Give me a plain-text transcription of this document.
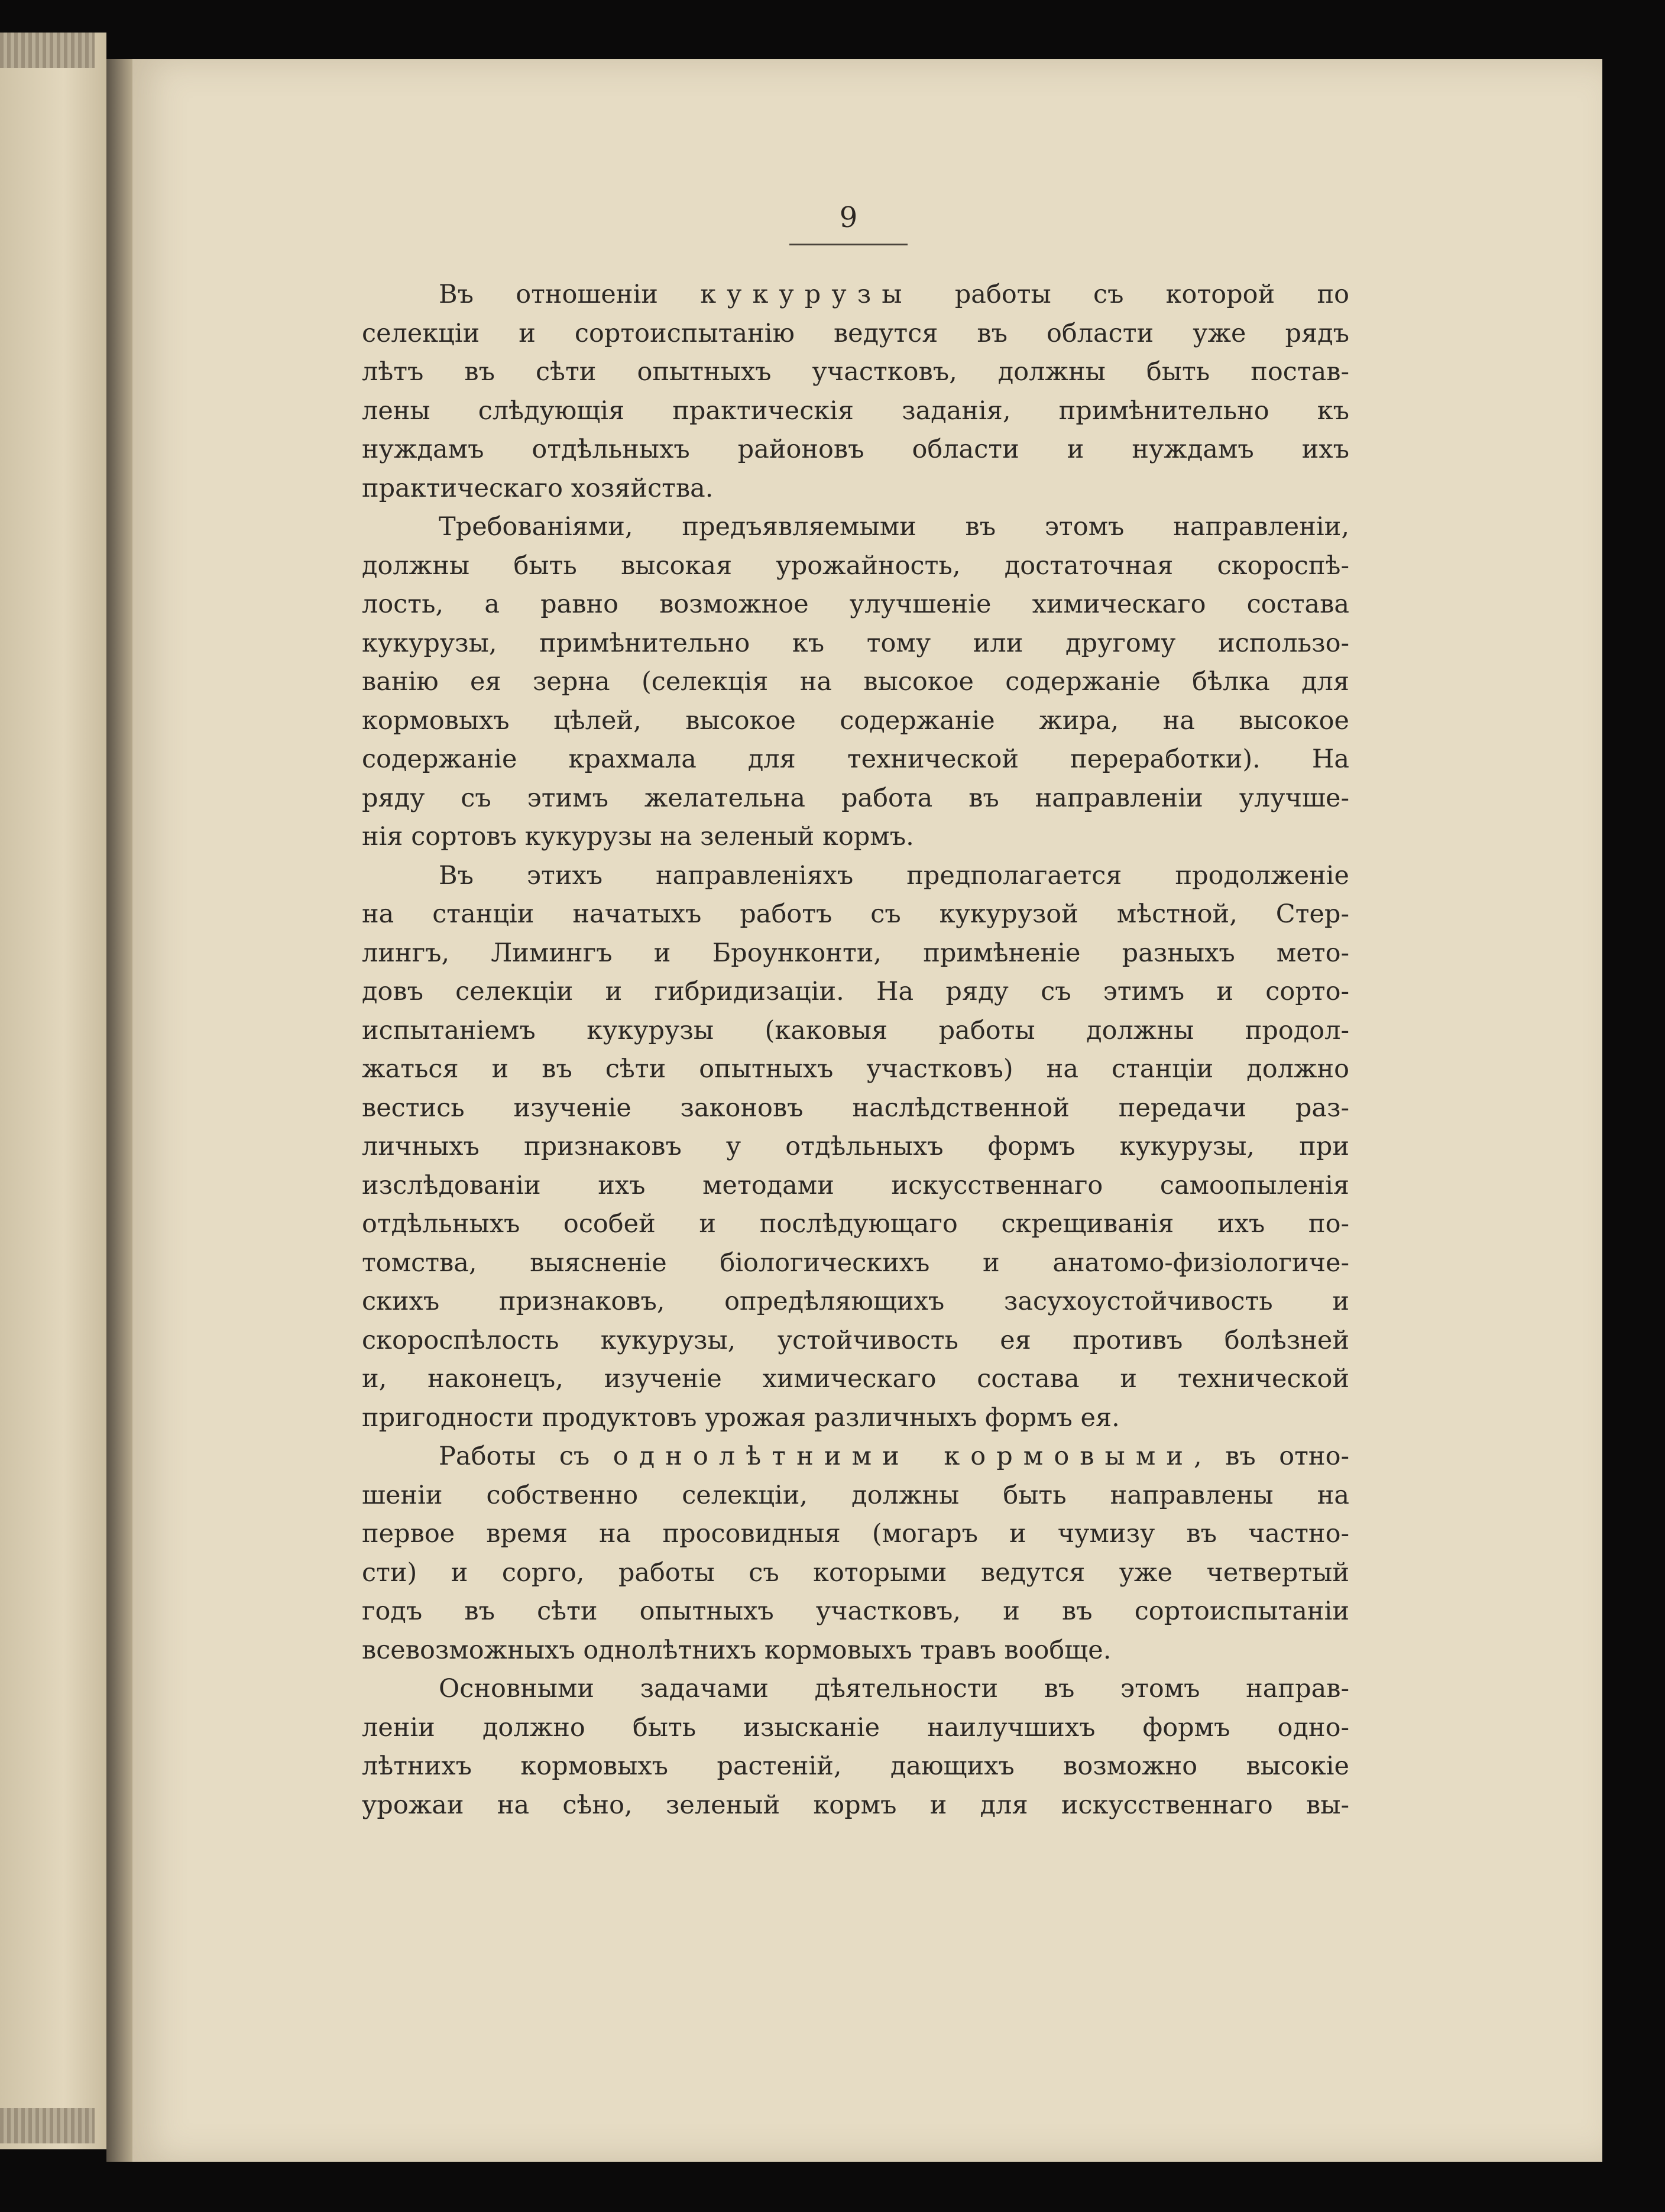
9
Въ отношеніи кукурузы работы съ которой по
селекціи и сортоиспытанію ведутся въ области уже рядъ
лѣтъ въ сѣти опытныхъ участковъ, должны быть постав-
лены слѣдующія практическія заданія, примѣнительно къ
нуждамъ отдѣльныхъ районовъ области и нуждамъ ихъ
практическаго хозяйства.
Требованіями, предъявляемыми въ этомъ направленіи,
должны быть высокая урожайность, достаточная скороспѣ-
лость, а равно возможное улучшеніе химическаго состава
кукурузы, примѣнительно къ тому или другому использо-
ванію ея зерна (селекція на высокое содержаніе бѣлка для
кормовыхъ цѣлей, высокое содержаніе жира, на высокое
содержаніе крахмала для технической переработки). На
ряду съ этимъ желательна работа въ направленіи улучше-
нія сортовъ кукурузы на зеленый кормъ.
Въ этихъ направленіяхъ предполагается продолженіе
на станціи начатыхъ работъ съ кукурузой мѣстной, Стер-
лингъ, Лимингъ и Броунконти, примѣненіе разныхъ мето-
довъ селекціи и гибридизаціи. На ряду съ этимъ и сорто-
испытаніемъ кукурузы (каковыя работы должны продол-
жаться и въ сѣти опытныхъ участковъ) на станціи должно
вестись изученіе законовъ наслѣдственной передачи раз-
личныхъ признаковъ у отдѣльныхъ формъ кукурузы, при
изслѣдованіи ихъ методами искусственнаго самоопыленія
отдѣльныхъ особей и послѣдующаго скрещиванія ихъ по-
томства, выясненіе біологическихъ и анатомо-физіологиче-
скихъ признаковъ, опредѣляющихъ засухоустойчивость и
скороспѣлость кукурузы, устойчивость ея противъ болѣзней
и, наконецъ, изученіе химическаго состава и технической
пригодности продуктовъ урожая различныхъ формъ ея.
Работы съ однолѣтними кормовыми, въ отно-
шеніи собственно селекціи, должны быть направлены на
первое время на просовидныя (могаръ и чумизу въ частно-
сти) и сорго, работы съ которыми ведутся уже четвертый
годъ въ сѣти опытныхъ участковъ, и въ сортоиспытаніи
всевозможныхъ однолѣтнихъ кормовыхъ травъ вообще.
Основными задачами дѣятельности въ этомъ направ-
леніи должно быть изысканіе наилучшихъ формъ одно-
лѣтнихъ кормовыхъ растеній, дающихъ возможно высокіе
урожаи на сѣно, зеленый кормъ и для искусственнаго вы-
